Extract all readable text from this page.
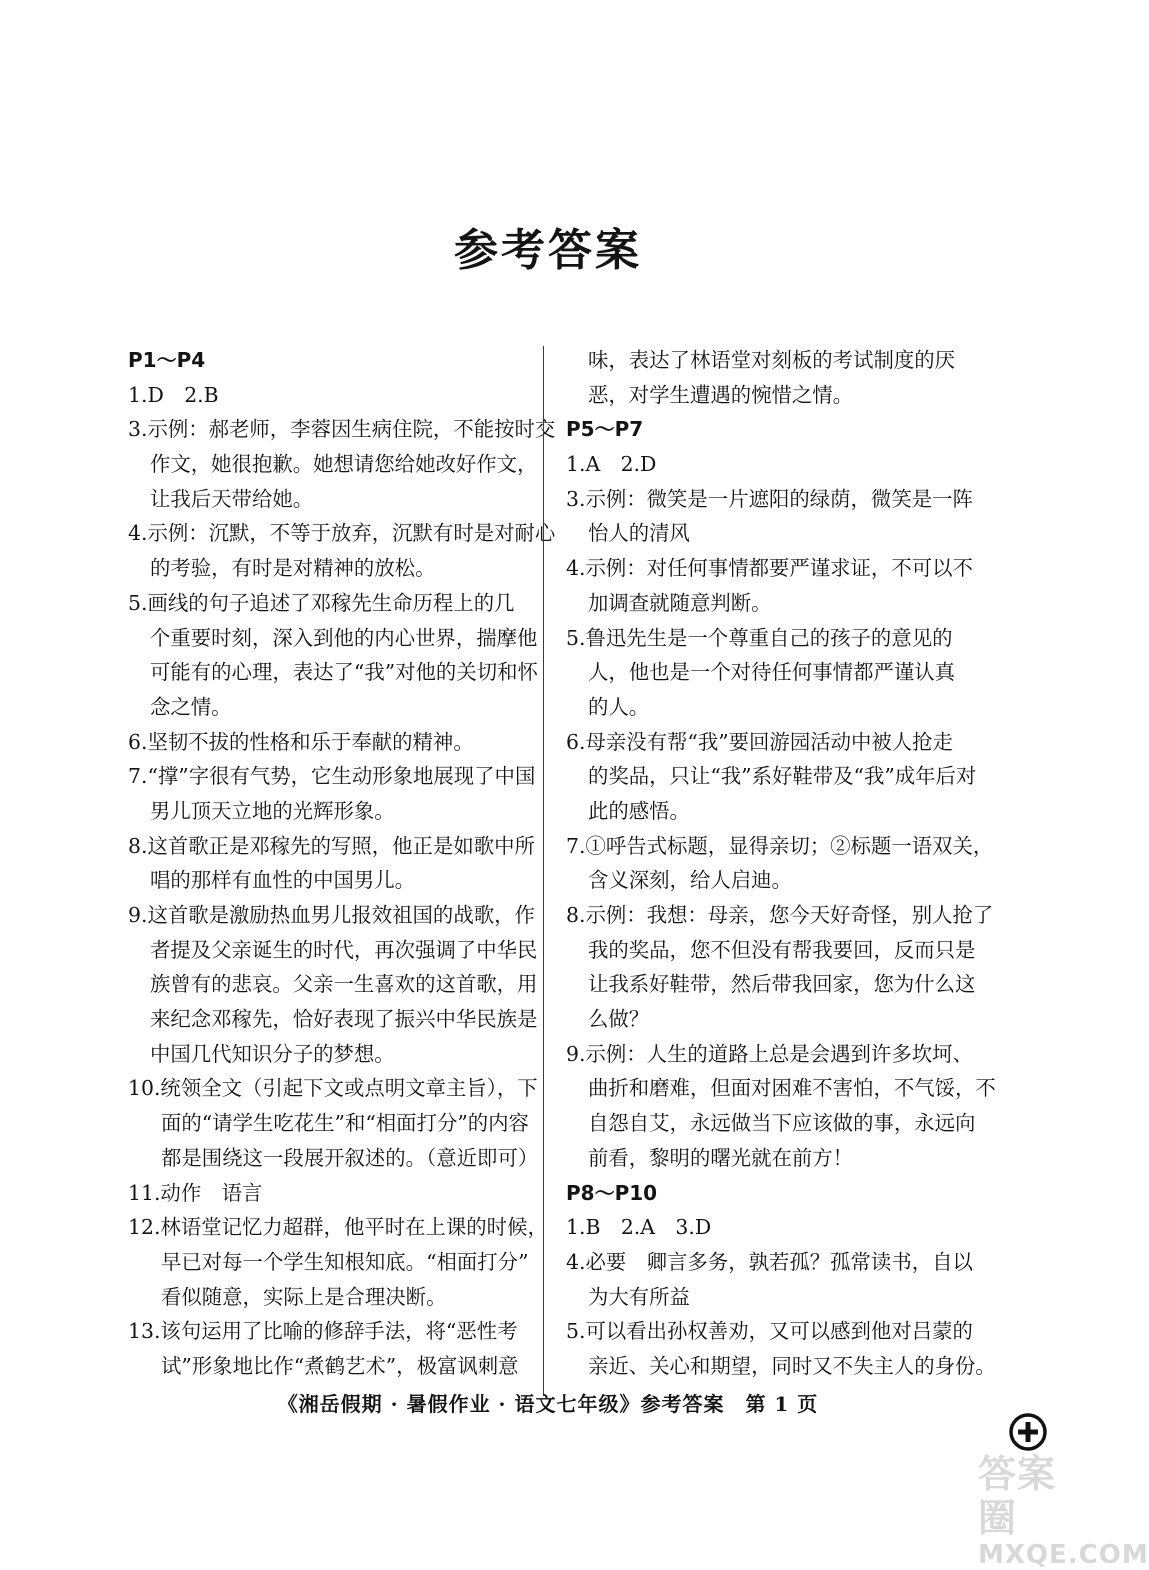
参考答案
P1～P4
1.D　2.B
3.示例：郝老师，李蓉因生病住院，不能按时交
作文，她很抱歉。她想请您给她改好作文，
让我后天带给她。
4.示例：沉默，不等于放弃，沉默有时是对耐心
的考验，有时是对精神的放松。
5.画线的句子追述了邓稼先生命历程上的几
个重要时刻，深入到他的内心世界，揣摩他
可能有的心理，表达了“我”对他的关切和怀
念之情。
6.坚韧不拔的性格和乐于奉献的精神。
7.“撑”字很有气势，它生动形象地展现了中国
男儿顶天立地的光辉形象。
8.这首歌正是邓稼先的写照，他正是如歌中所
唱的那样有血性的中国男儿。
9.这首歌是激励热血男儿报效祖国的战歌，作
者提及父亲诞生的时代，再次强调了中华民
族曾有的悲哀。父亲一生喜欢的这首歌，用
来纪念邓稼先，恰好表现了振兴中华民族是
中国几代知识分子的梦想。
10.统领全文（引起下文或点明文章主旨），下
面的“请学生吃花生”和“相面打分”的内容
都是围绕这一段展开叙述的。（意近即可）
11.动作　语言
12.林语堂记忆力超群，他平时在上课的时候，
早已对每一个学生知根知底。“相面打分”
看似随意，实际上是合理决断。
13.该句运用了比喻的修辞手法，将“恶性考
试”形象地比作“煮鹤艺术”，极富讽刺意
味，表达了林语堂对刻板的考试制度的厌
恶，对学生遭遇的惋惜之情。
P5～P7
1.A　2.D
3.示例：微笑是一片遮阳的绿荫，微笑是一阵
怡人的清风
4.示例：对任何事情都要严谨求证，不可以不
加调查就随意判断。
5.鲁迅先生是一个尊重自己的孩子的意见的
人，他也是一个对待任何事情都严谨认真
的人。
6.母亲没有帮“我”要回游园活动中被人抢走
的奖品，只让“我”系好鞋带及“我”成年后对
此的感悟。
7.①呼告式标题，显得亲切；②标题一语双关，
含义深刻，给人启迪。
8.示例：我想：母亲，您今天好奇怪，别人抢了
我的奖品，您不但没有帮我要回，反而只是
让我系好鞋带，然后带我回家，您为什么这
么做？
9.示例：人生的道路上总是会遇到许多坎坷、
曲折和磨难，但面对困难不害怕，不气馁，不
自怨自艾，永远做当下应该做的事，永远向
前看，黎明的曙光就在前方！
P8～P10
1.B　2.A　3.D
4.必要　卿言多务，孰若孤？孤常读书，自以
为大有所益
5.可以看出孙权善劝，又可以感到他对吕蒙的
亲近、关心和期望，同时又不失主人的身份。
《湘岳假期 · 暑假作业 · 语文七年级》参考答案　第 1 页
答案圈
MXQE.COM
